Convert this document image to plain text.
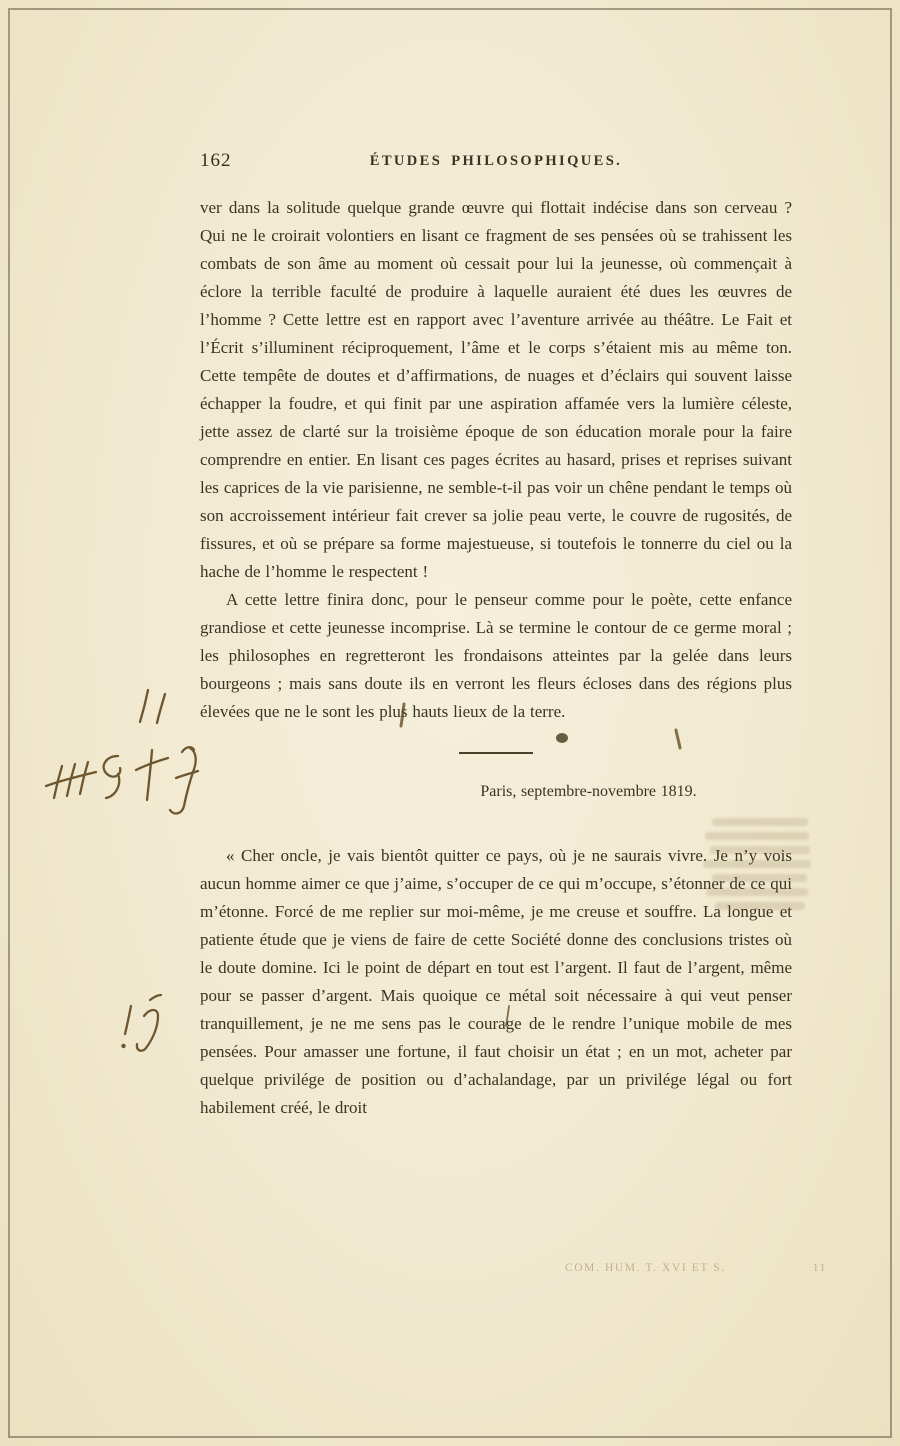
162	ÉTUDES PHILOSOPHIQUES.

ver dans la solitude quelque grande œuvre qui flottait indécise dans son cerveau ? Qui ne le croirait volontiers en lisant ce fragment de ses pensées où se trahissent les combats de son âme au moment où cessait pour lui la jeunesse, où commençait à éclore la terrible faculté de produire à laquelle auraient été dues les œuvres de l’homme ? Cette lettre est en rapport avec l’aventure arrivée au théâtre. Le Fait et l’Écrit s’illuminent réciproquement, l’âme et le corps s’étaient mis au même ton. Cette tempête de doutes et d’affirmations, de nuages et d’éclairs qui souvent laisse échapper la foudre, et qui finit par une aspiration affamée vers la lumière céleste, jette assez de clarté sur la troisième époque de son éducation morale pour la faire comprendre en entier. En lisant ces pages écrites au hasard, prises et reprises suivant les caprices de la vie parisienne, ne semble-t-il pas voir un chêne pendant le temps où son accroissement intérieur fait crever sa jolie peau verte, le couvre de rugosités, de fissures, et où se prépare sa forme majestueuse, si toutefois le tonnerre du ciel ou la hache de l’homme le respectent !

A cette lettre finira donc, pour le penseur comme pour le poète, cette enfance grandiose et cette jeunesse incomprise. Là se termine le contour de ce germe moral ; les philosophes en regretteront les frondaisons atteintes par la gelée dans leurs bourgeons ; mais sans doute ils en verront les fleurs écloses dans des régions plus élevées que ne le sont les plus hauts lieux de la terre.

Paris, septembre-novembre 1819.

« Cher oncle, je vais bientôt quitter ce pays, où je ne saurais vivre. Je n’y vois aucun homme aimer ce que j’aime, s’occuper de ce qui m’occupe, s’étonner de ce qui m’étonne. Forcé de me replier sur moi-même, je me creuse et souffre. La longue et patiente étude que je viens de faire de cette Société donne des conclusions tristes où le doute domine. Ici le point de départ en tout est l’argent. Il faut de l’argent, même pour se passer d’argent. Mais quoique ce métal soit nécessaire à qui veut penser tranquillement, je ne me sens pas le courage de le rendre l’unique mobile de mes pensées. Pour amasser une fortune, il faut choisir un état ; en un mot, acheter par quelque privilége de position ou d’achalandage, par un privilége légal ou fort habilement créé, le droit

COM. HUM. T. XVI ET S.	11
